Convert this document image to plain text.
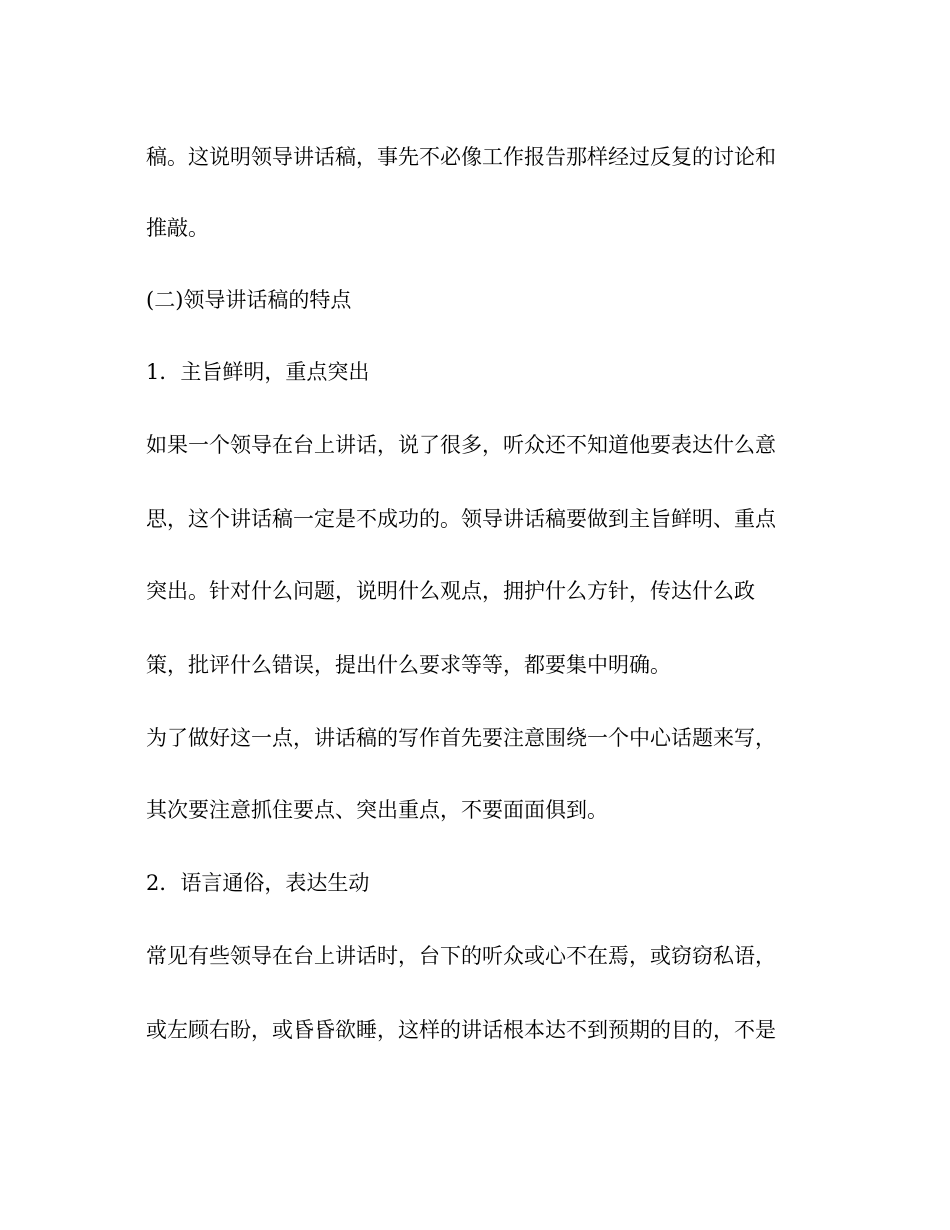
稿。这说明领导讲话稿，事先不必像工作报告那样经过反复的讨论和

推敲。

(二)领导讲话稿的特点

1．主旨鲜明，重点突出

如果一个领导在台上讲话，说了很多，听众还不知道他要表达什么意

思，这个讲话稿一定是不成功的。领导讲话稿要做到主旨鲜明、重点

突出。针对什么问题，说明什么观点，拥护什么方针，传达什么政

策，批评什么错误，提出什么要求等等，都要集中明确。

为了做好这一点，讲话稿的写作首先要注意围绕一个中心话题来写，

其次要注意抓住要点、突出重点，不要面面俱到。

2．语言通俗，表达生动

常见有些领导在台上讲话时，台下的听众或心不在焉，或窃窃私语，

或左顾右盼，或昏昏欲睡，这样的讲话根本达不到预期的目的，不是
